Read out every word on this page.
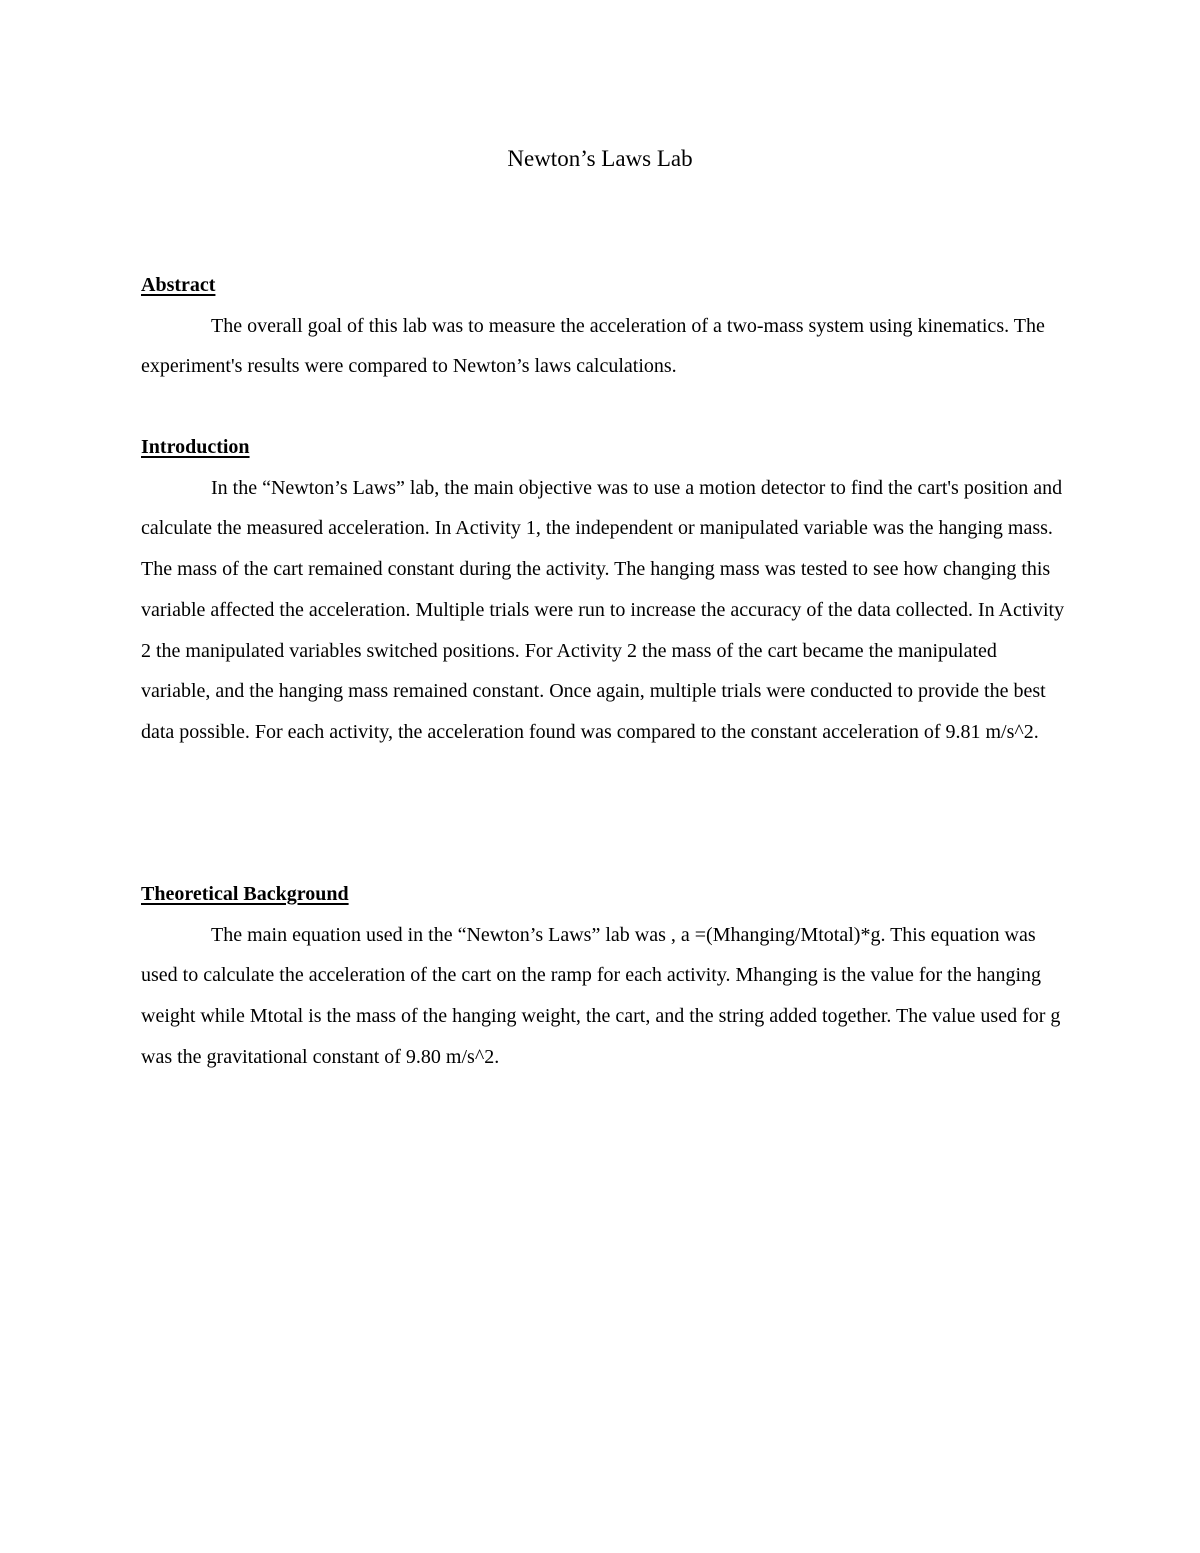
Newton’s Laws Lab

Abstract

The overall goal of this lab was to measure the acceleration of a two-mass system using kinematics. The experiment's results were compared to Newton’s laws calculations.

Introduction

In the “Newton’s Laws” lab, the main objective was to use a motion detector to find the cart's position and calculate the measured acceleration. In Activity 1, the independent or manipulated variable was the hanging mass. The mass of the cart remained constant during the activity. The hanging mass was tested to see how changing this variable affected the acceleration. Multiple trials were run to increase the accuracy of the data collected. In Activity 2 the manipulated variables switched positions. For Activity 2 the mass of the cart became the manipulated variable, and the hanging mass remained constant. Once again, multiple trials were conducted to provide the best data possible. For each activity, the acceleration found was compared to the constant acceleration of 9.81 m/s^2.

Theoretical Background

The main equation used in the “Newton’s Laws” lab was , a =(Mhanging/Mtotal)*g. This equation was used to calculate the acceleration of the cart on the ramp for each activity. Mhanging is the value for the hanging weight while Mtotal is the mass of the hanging weight, the cart, and the string added together. The value used for g was the gravitational constant of 9.80 m/s^2.
